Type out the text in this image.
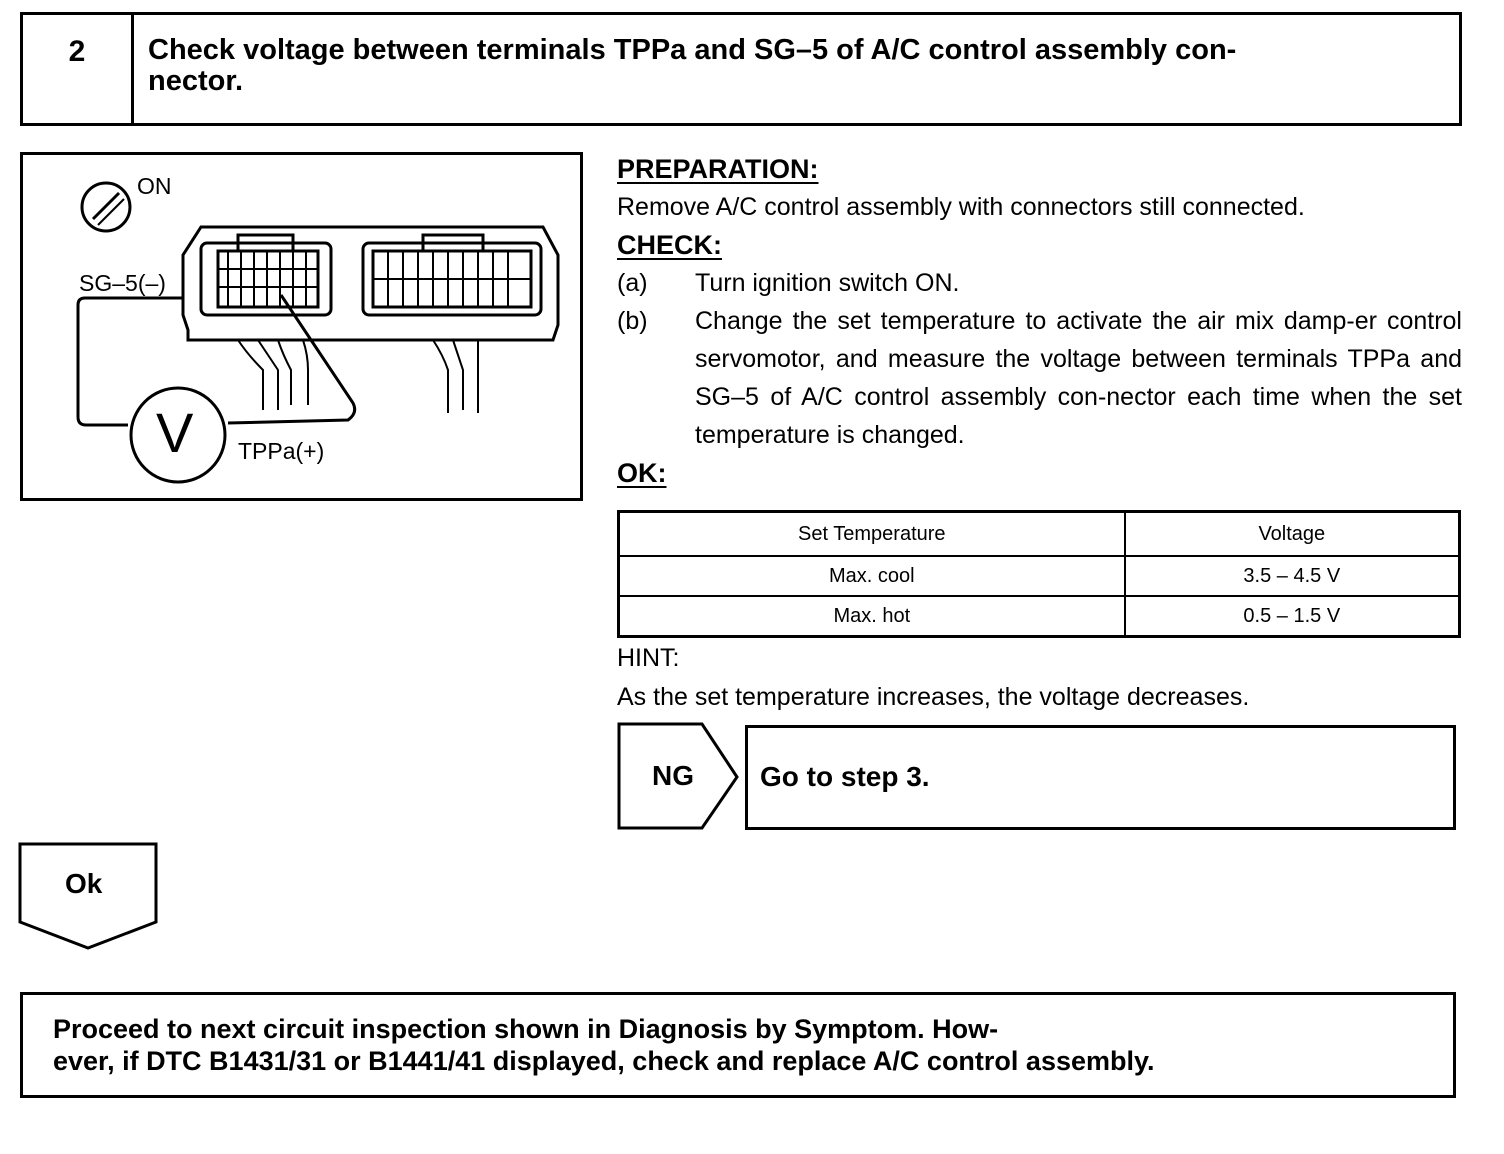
2	Check voltage between terminals TPPa and SG–5 of A/C control assembly con-
nector.
ON
SG–5(–)
TPPa(+)
V
PREPARATION:
Remove A/C control assembly with connectors still connected.
CHECK:
(a)	Turn ignition switch ON.
(b)	Change the set temperature to activate the air mix damp-er control servomotor, and measure the voltage between terminals TPPa and SG–5 of A/C control assembly con-nector each time when the set temperature is changed.
OK:
Set Temperature	Voltage
Max. cool	3.5 – 4.5 V
Max. hot	0.5 – 1.5 V
HINT:
As the set temperature increases, the voltage decreases.
NG Go to step 3.
Ok
Proceed to next circuit inspection shown in Diagnosis by Symptom. How-
ever, if DTC B1431/31 or B1441/41 displayed, check and replace A/C control assembly.
